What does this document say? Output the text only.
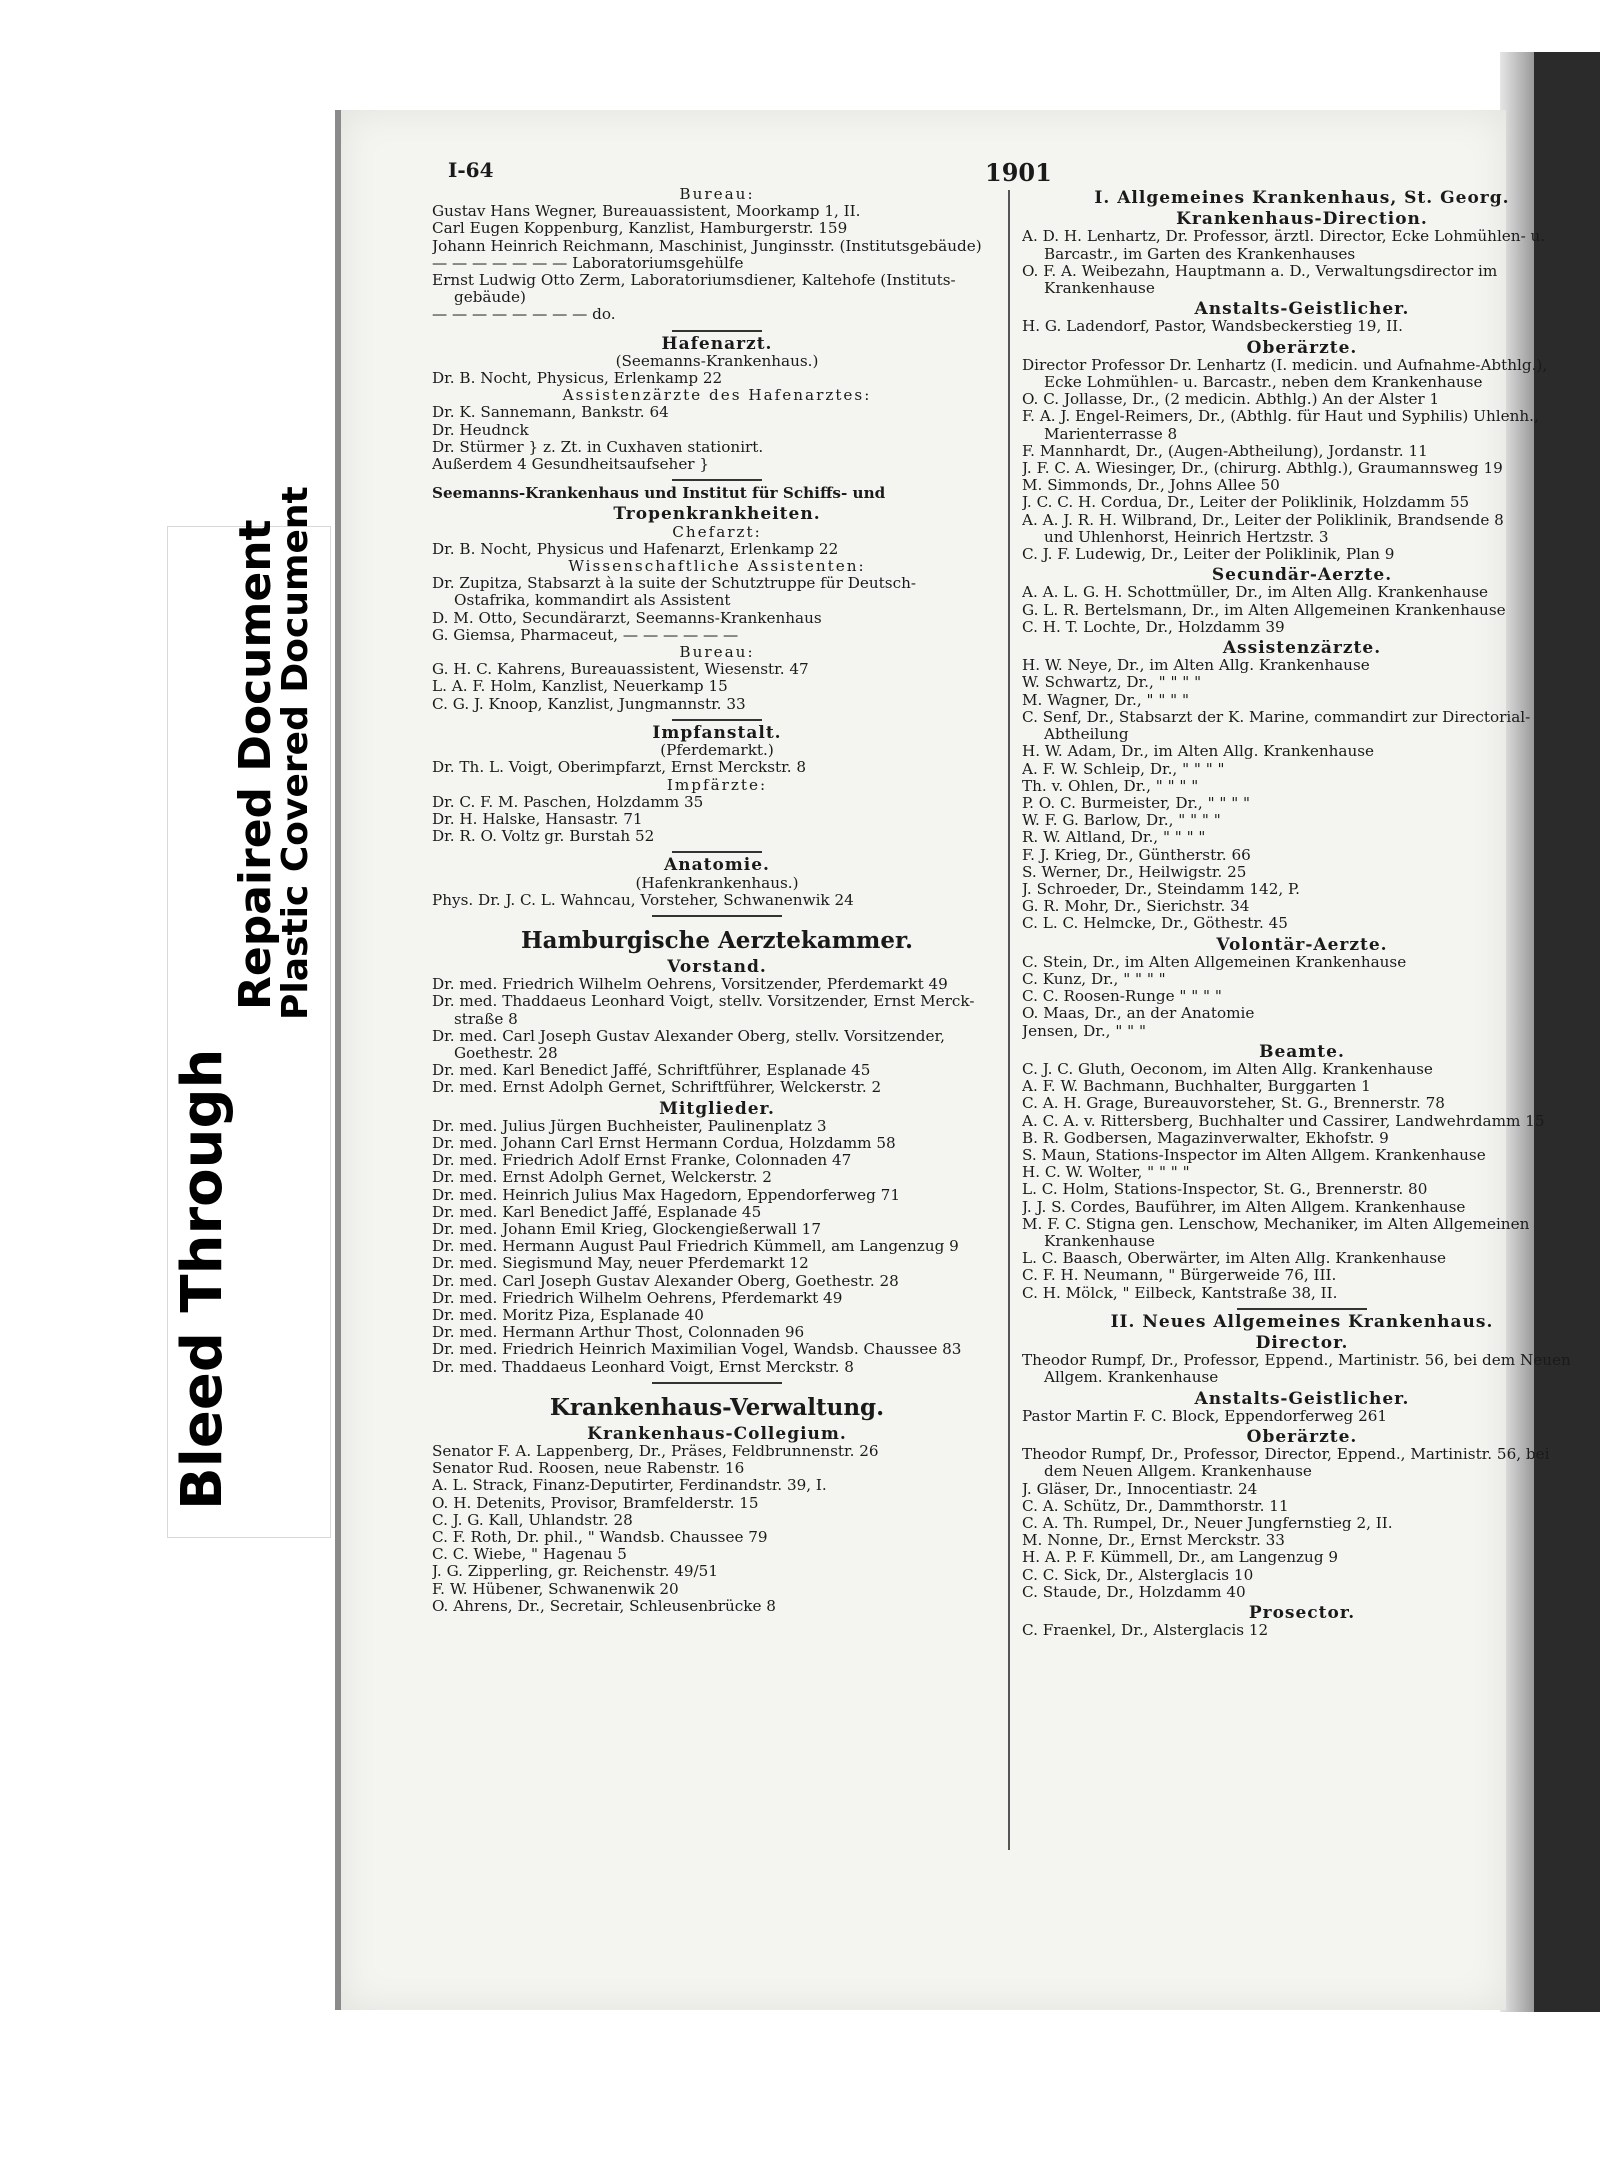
Bleed Through
Repaired Document
Plastic Covered Document
I-64	1901
Bureau:
Gustav Hans Wegner, Bureauassistent, Moorkamp 1, II.
Carl Eugen Koppenburg, Kanzlist, Hamburgerstr. 159
Johann Heinrich Reichmann, Maschinist, Junginsstr. (Institutsgebäude)
— — — — — — — Laboratoriumsgehülfe
Ernst Ludwig Otto Zerm, Laboratoriumsdiener, Kaltehofe (Instituts-
gebäude)
— — — — — — — — do.
Hafenarzt.
(Seemanns-Krankenhaus.)
Dr. B. Nocht, Physicus, Erlenkamp 22
Assistenzärzte des Hafenarztes:
Dr. K. Sannemann, Bankstr. 64
Dr. Heudnck
Dr. Stürmer } z. Zt. in Cuxhaven stationirt.
Außerdem 4 Gesundheitsaufseher }
Seemanns-Krankenhaus und Institut für Schiffs- und
Tropenkrankheiten.
Chefarzt:
Dr. B. Nocht, Physicus und Hafenarzt, Erlenkamp 22
Wissenschaftliche Assistenten:
Dr. Zupitza, Stabsarzt à la suite der Schutztruppe für Deutsch-
Ostafrika, kommandirt als Assistent
D. M. Otto, Secundärarzt, Seemanns-Krankenhaus
G. Giemsa, Pharmaceut, — — — — — —
Bureau:
G. H. C. Kahrens, Bureauassistent, Wiesenstr. 47
L. A. F. Holm, Kanzlist, Neuerkamp 15
C. G. J. Knoop, Kanzlist, Jungmannstr. 33
Impfanstalt.
(Pferdemarkt.)
Dr. Th. L. Voigt, Oberimpfarzt, Ernst Merckstr. 8
Impfärzte:
Dr. C. F. M. Paschen, Holzdamm 35
Dr. H. Halske, Hansastr. 71
Dr. R. O. Voltz gr. Burstah 52
Anatomie.
(Hafenkrankenhaus.)
Phys. Dr. J. C. L. Wahncau, Vorsteher, Schwanenwik 24
Hamburgische Aerztekammer.
Vorstand.
Dr. med. Friedrich Wilhelm Oehrens, Vorsitzender, Pferdemarkt 49
Dr. med. Thaddaeus Leonhard Voigt, stellv. Vorsitzender, Ernst Merck-
straße 8
Dr. med. Carl Joseph Gustav Alexander Oberg, stellv. Vorsitzender,
Goethestr. 28
Dr. med. Karl Benedict Jaffé, Schriftführer, Esplanade 45
Dr. med. Ernst Adolph Gernet, Schriftführer, Welckerstr. 2
Mitglieder.
Dr. med. Julius Jürgen Buchheister, Paulinenplatz 3
Dr. med. Johann Carl Ernst Hermann Cordua, Holzdamm 58
Dr. med. Friedrich Adolf Ernst Franke, Colonnaden 47
Dr. med. Ernst Adolph Gernet, Welckerstr. 2
Dr. med. Heinrich Julius Max Hagedorn, Eppendorferweg 71
Dr. med. Karl Benedict Jaffé, Esplanade 45
Dr. med. Johann Emil Krieg, Glockengießerwall 17
Dr. med. Hermann August Paul Friedrich Kümmell, am Langenzug 9
Dr. med. Siegismund May, neuer Pferdemarkt 12
Dr. med. Carl Joseph Gustav Alexander Oberg, Goethestr. 28
Dr. med. Friedrich Wilhelm Oehrens, Pferdemarkt 49
Dr. med. Moritz Piza, Esplanade 40
Dr. med. Hermann Arthur Thost, Colonnaden 96
Dr. med. Friedrich Heinrich Maximilian Vogel, Wandsb. Chaussee 83
Dr. med. Thaddaeus Leonhard Voigt, Ernst Merckstr. 8
Krankenhaus-Verwaltung.
Krankenhaus-Collegium.
Senator F. A. Lappenberg, Dr., Präses, Feldbrunnenstr. 26
Senator Rud. Roosen, neue Rabenstr. 16
A. L. Strack, Finanz-Deputirter, Ferdinandstr. 39, I.
O. H. Detenits, Provisor, Bramfelderstr. 15
C. J. G. Kall, Uhlandstr. 28
C. F. Roth, Dr. phil., " Wandsb. Chaussee 79
C. C. Wiebe, " Hagenau 5
J. G. Zipperling, gr. Reichenstr. 49/51
F. W. Hübener, Schwanenwik 20
O. Ahrens, Dr., Secretair, Schleusenbrücke 8
I. Allgemeines Krankenhaus, St. Georg.
Krankenhaus-Direction.
A. D. H. Lenhartz, Dr. Professor, ärztl. Director, Ecke Lohmühlen- u.
Barcastr., im Garten des Krankenhauses
O. F. A. Weibezahn, Hauptmann a. D., Verwaltungsdirector im
Krankenhause
Anstalts-Geistlicher.
H. G. Ladendorf, Pastor, Wandsbeckerstieg 19, II.
Oberärzte.
Director Professor Dr. Lenhartz (I. medicin. und Aufnahme-Abthlg.),
Ecke Lohmühlen- u. Barcastr., neben dem Krankenhause
O. C. Jollasse, Dr., (2 medicin. Abthlg.) An der Alster 1
F. A. J. Engel-Reimers, Dr., (Abthlg. für Haut und Syphilis) Uhlenh.,
Marienterrasse 8
F. Mannhardt, Dr., (Augen-Abtheilung), Jordanstr. 11
J. F. C. A. Wiesinger, Dr., (chirurg. Abthlg.), Graumannsweg 19
M. Simmonds, Dr., Johns Allee 50
J. C. C. H. Cordua, Dr., Leiter der Poliklinik, Holzdamm 55
A. A. J. R. H. Wilbrand, Dr., Leiter der Poliklinik, Brandsende 8
und Uhlenhorst, Heinrich Hertzstr. 3
C. J. F. Ludewig, Dr., Leiter der Poliklinik, Plan 9
Secundär-Aerzte.
A. A. L. G. H. Schottmüller, Dr., im Alten Allg. Krankenhause
G. L. R. Bertelsmann, Dr., im Alten Allgemeinen Krankenhause
C. H. T. Lochte, Dr., Holzdamm 39
Assistenzärzte.
H. W. Neye, Dr., im Alten Allg. Krankenhause
W. Schwartz, Dr., " " " "
M. Wagner, Dr., " " " "
C. Senf, Dr., Stabsarzt der K. Marine, commandirt zur Directorial-
Abtheilung
H. W. Adam, Dr., im Alten Allg. Krankenhause
A. F. W. Schleip, Dr., " " " "
Th. v. Ohlen, Dr., " " " "
P. O. C. Burmeister, Dr., " " " "
W. F. G. Barlow, Dr., " " " "
R. W. Altland, Dr., " " " "
F. J. Krieg, Dr., Güntherstr. 66
S. Werner, Dr., Heilwigstr. 25
J. Schroeder, Dr., Steindamm 142, P.
G. R. Mohr, Dr., Sierichstr. 34
C. L. C. Helmcke, Dr., Göthestr. 45
Volontär-Aerzte.
C. Stein, Dr., im Alten Allgemeinen Krankenhause
C. Kunz, Dr., " " " "
C. C. Roosen-Runge " " " "
O. Maas, Dr., an der Anatomie
Jensen, Dr., " " "
Beamte.
C. J. C. Gluth, Oeconom, im Alten Allg. Krankenhause
A. F. W. Bachmann, Buchhalter, Burggarten 1
C. A. H. Grage, Bureauvorsteher, St. G., Brennerstr. 78
A. C. A. v. Rittersberg, Buchhalter und Cassirer, Landwehrdamm 15
B. R. Godbersen, Magazinverwalter, Ekhofstr. 9
S. Maun, Stations-Inspector im Alten Allgem. Krankenhause
H. C. W. Wolter, " " " "
L. C. Holm, Stations-Inspector, St. G., Brennerstr. 80
J. J. S. Cordes, Bauführer, im Alten Allgem. Krankenhause
M. F. C. Stigna gen. Lenschow, Mechaniker, im Alten Allgemeinen
Krankenhause
L. C. Baasch, Oberwärter, im Alten Allg. Krankenhause
C. F. H. Neumann, " Bürgerweide 76, III.
C. H. Mölck, " Eilbeck, Kantstraße 38, II.
II. Neues Allgemeines Krankenhaus.
Director.
Theodor Rumpf, Dr., Professor, Eppend., Martinistr. 56, bei dem Neuen
Allgem. Krankenhause
Anstalts-Geistlicher.
Pastor Martin F. C. Block, Eppendorferweg 261
Oberärzte.
Theodor Rumpf, Dr., Professor, Director, Eppend., Martinistr. 56, bei
dem Neuen Allgem. Krankenhause
J. Gläser, Dr., Innocentiastr. 24
C. A. Schütz, Dr., Dammthorstr. 11
C. A. Th. Rumpel, Dr., Neuer Jungfernstieg 2, II.
M. Nonne, Dr., Ernst Merckstr. 33
H. A. P. F. Kümmell, Dr., am Langenzug 9
C. C. Sick, Dr., Alsterglacis 10
C. Staude, Dr., Holzdamm 40
Prosector.
C. Fraenkel, Dr., Alsterglacis 12
